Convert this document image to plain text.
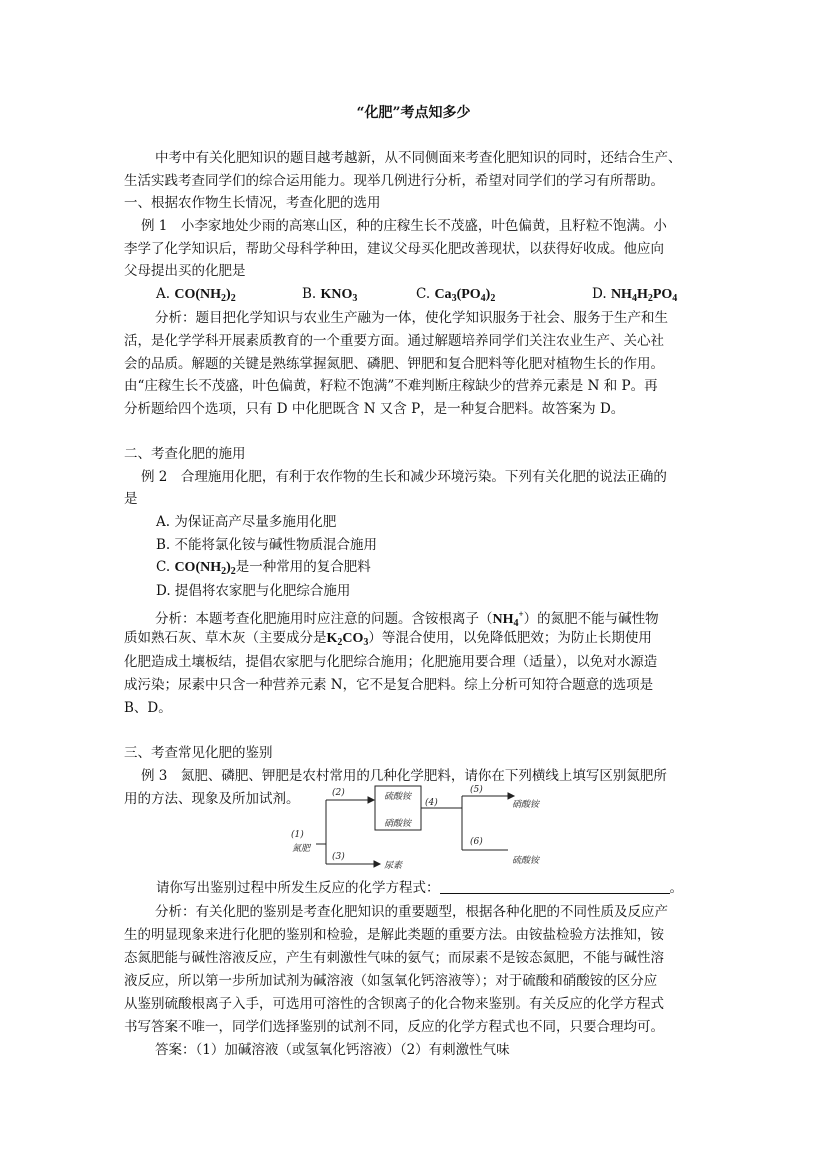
“化肥”考点知多少
中考中有关化肥知识的题目越考越新，从不同侧面来考查化肥知识的同时，还结合生产、
生活实践考查同学们的综合运用能力。现举几例进行分析，希望对同学们的学习有所帮助。
一、根据农作物生长情况，考查化肥的选用
例 1　小李家地处少雨的高寒山区，种的庄稼生长不茂盛，叶色偏黄，且籽粒不饱满。小
李学了化学知识后，帮助父母科学种田，建议父母买化肥改善现状，以获得好收成。他应向
父母提出买的化肥是
A. $CO(NH_2)_2$	B. $KNO_3$	C. $Ca_3(PO_4)_2$	D. $NH_4H_2PO_4$
分析：题目把化学知识与农业生产融为一体，使化学知识服务于社会、服务于生产和生
活，是化学学科开展素质教育的一个重要方面。通过解题培养同学们关注农业生产、关心社
会的品质。解题的关键是熟练掌握氮肥、磷肥、钾肥和复合肥料等化肥对植物生长的作用。
由“庄稼生长不茂盛，叶色偏黄，籽粒不饱满”不难判断庄稼缺少的营养元素是 N 和 P。再
分析题给四个选项，只有 D 中化肥既含 N 又含 P，是一种复合肥料。故答案为 D。
二、考查化肥的施用
例 2　合理施用化肥，有利于农作物的生长和减少环境污染。下列有关化肥的说法正确的
是
A. 为保证高产尽量多施用化肥
B. 不能将氯化铵与碱性物质混合施用
C. $CO(NH_2)_2$是一种常用的复合肥料
D. 提倡将农家肥与化肥综合施用
分析：本题考查化肥施用时应注意的问题。含铵根离子$(NH_4^+)$的氮肥不能与碱性物
质如熟石灰、草木灰（主要成分是$K_2CO_3$）等混合使用，以免降低肥效；为防止长期使用
化肥造成土壤板结，提倡农家肥与化肥综合施用；化肥施用要合理（适量），以免对水源造
成污染；尿素中只含一种营养元素 N，它不是复合肥料。综上分析可知符合题意的选项是
B、D。
三、考查常见化肥的鉴别
例 3　氮肥、磷肥、钾肥是农村常用的几种化学肥料，请你在下列横线上填写区别氮肥所
用的方法、现象及所加试剂。
(1)
氮肥
(2)
(3)
硫酸铵
硝酸铵
(4)
尿素
(5)
硝酸铵
(6)
硫酸铵
请你写出鉴别过程中所发生反应的化学方程式：	。
分析：有关化肥的鉴别是考查化肥知识的重要题型，根据各种化肥的不同性质及反应产
生的明显现象来进行化肥的鉴别和检验，是解此类题的重要方法。由铵盐检验方法推知，铵
态氮肥能与碱性溶液反应，产生有刺激性气味的氨气；而尿素不是铵态氮肥，不能与碱性溶
液反应，所以第一步所加试剂为碱溶液（如氢氧化钙溶液等）；对于硫酸和硝酸铵的区分应
从鉴别硫酸根离子入手，可选用可溶性的含钡离子的化合物来鉴别。有关反应的化学方程式
书写答案不唯一，同学们选择鉴别的试剂不同，反应的化学方程式也不同，只要合理均可。
答案：（1）加碱溶液（或氢氧化钙溶液）（2）有刺激性气味
